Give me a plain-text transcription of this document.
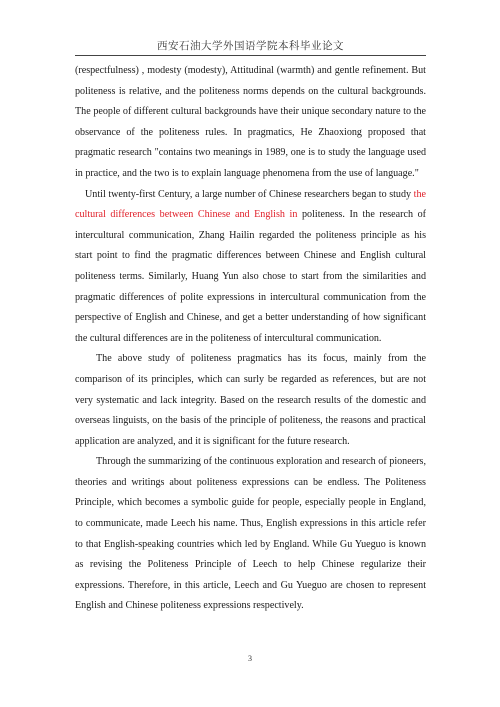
西安石油大学外国语学院本科毕业论文

(respectfulness) , modesty (modesty), Attitudinal (warmth) and gentle refinement. But politeness is relative, and the politeness norms depends on the cultural backgrounds. The people of different cultural backgrounds have their unique secondary nature to the observance of the politeness rules. In pragmatics, He Zhaoxiong proposed that pragmatic research "contains two meanings in 1989, one is to study the language used in practice, and the two is to explain language phenomena from the use of language."

Until twenty-first Century, a large number of Chinese researchers began to study the cultural differences between Chinese and English in politeness. In the research of intercultural communication, Zhang Hailin regarded the politeness principle as his start point to find the pragmatic differences between Chinese and English cultural politeness terms. Similarly, Huang Yun also chose to start from the similarities and pragmatic differences of polite expressions in intercultural communication from the perspective of English and Chinese, and get a better understanding of how significant the cultural differences are in the politeness of intercultural communication.

The above study of politeness pragmatics has its focus, mainly from the comparison of its principles, which can surly be regarded as references, but are not very systematic and lack integrity. Based on the research results of the domestic and overseas linguists, on the basis of the principle of politeness, the reasons and practical application are analyzed, and it is significant for the future research.

Through the summarizing of the continuous exploration and research of pioneers, theories and writings about politeness expressions can be endless. The Politeness Principle, which becomes a symbolic guide for people, especially people in England, to communicate, made Leech his name. Thus, English expressions in this article refer to that English-speaking countries which led by England. While Gu Yueguo is known as revising the Politeness Principle of Leech to help Chinese regularize their expressions. Therefore, in this article, Leech and Gu Yueguo are chosen to represent English and Chinese politeness expressions respectively.

3
